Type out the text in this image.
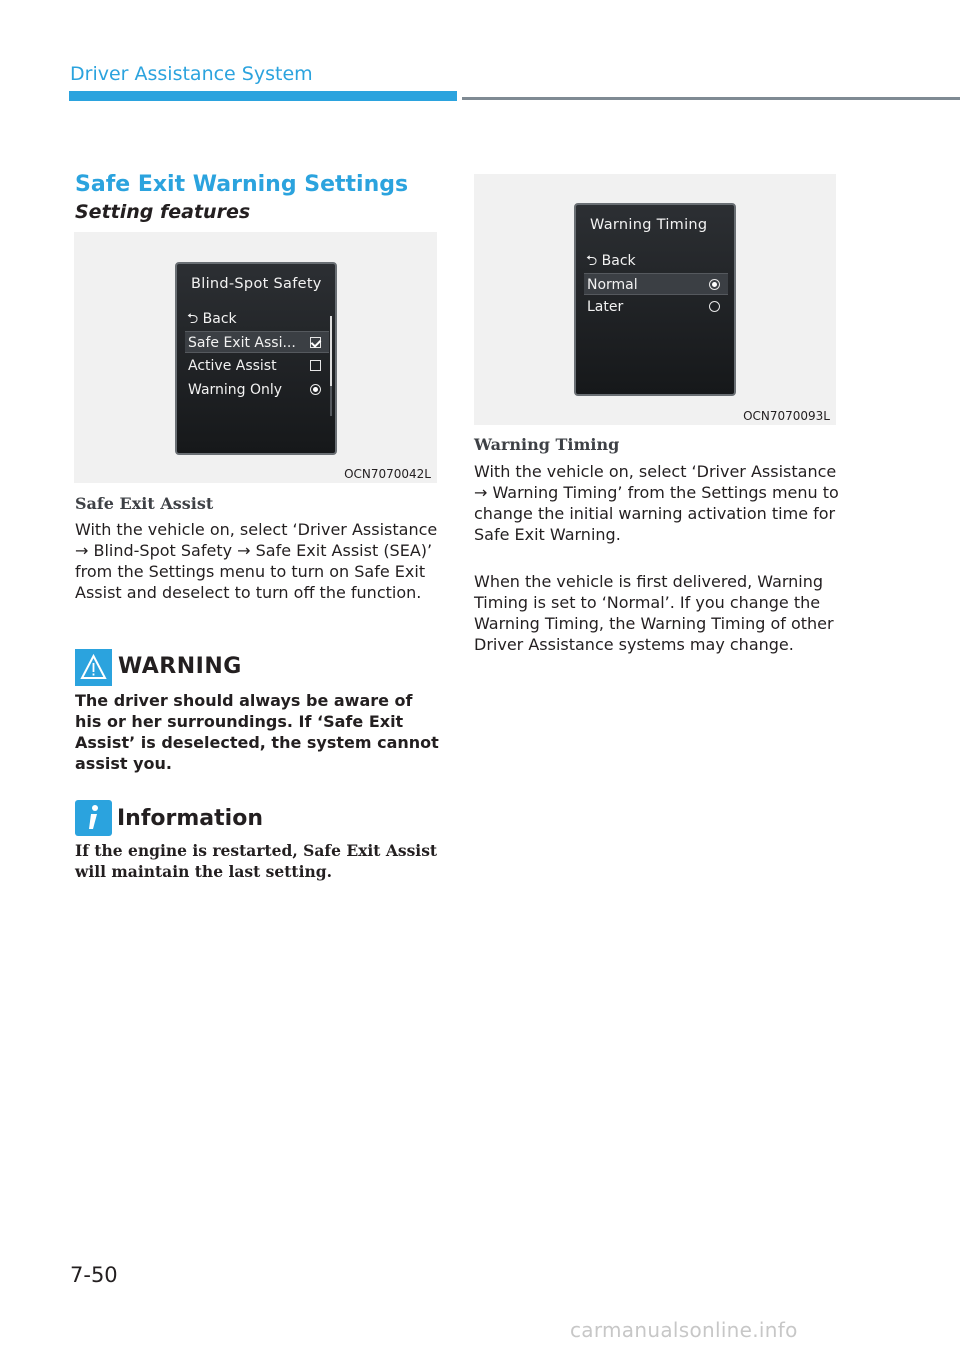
Driver Assistance System
Safe Exit Warning Settings
Setting features
Blind-Spot Safety
⮌ Back
Safe Exit Assi...
Active Assist
Warning Only
OCN7070042L
Safe Exit Assist
With the vehicle on, select ‘Driver Assistance → Blind-Spot Safety → Safe Exit Assist (SEA)’ from the Settings menu to turn on Safe Exit Assist and deselect to turn off the function.
WARNING
The driver should always be aware of his or her surroundings. If ‘Safe Exit Assist’ is deselected, the system cannot assist you.
Information
If the engine is restarted, Safe Exit Assist will maintain the last setting.
Warning Timing
⮌ Back
Normal
Later
OCN7070093L
Warning Timing
With the vehicle on, select ‘Driver Assistance → Warning Timing’ from the Settings menu to change the initial warning activation time for Safe Exit Warning.
When the vehicle is first delivered, Warning Timing is set to ‘Normal’. If you change the Warning Timing, the Warning Timing of other Driver Assistance systems may change.
7-50
carmanualsonline.info
